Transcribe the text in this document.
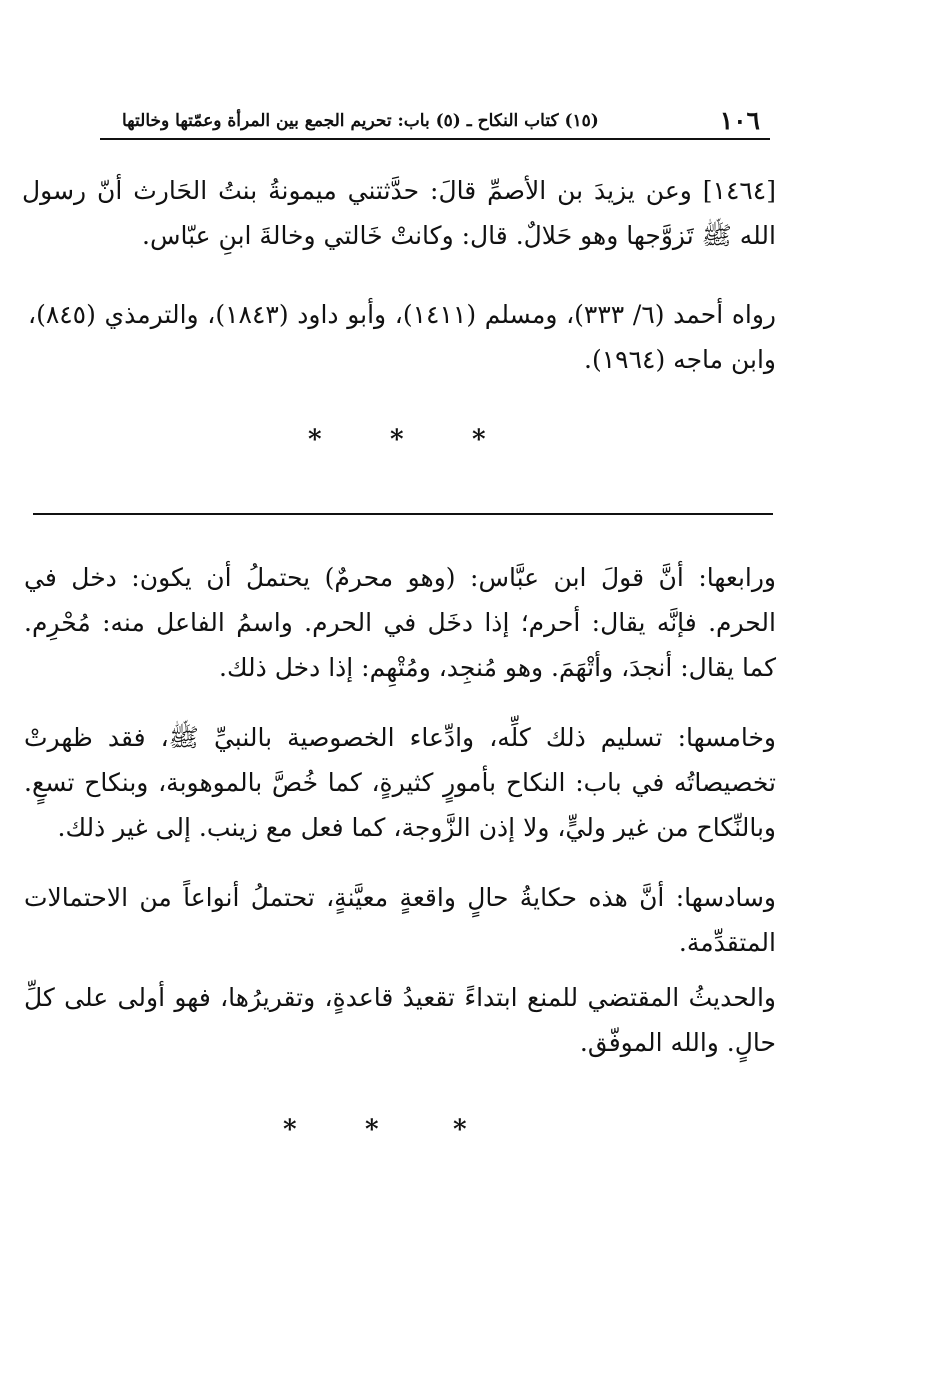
١٠٦
(١٥) كتاب النكاح ـ (٥) باب: تحريم الجمع بين المرأة وعمّتها وخالتها

[١٤٦٤] وعن يزيدَ بن الأصمِّ قالَ: حدَّثتني ميمونةُ بنتُ الحَارث أنّ رسول الله ﷺ تَزوَّجها وهو حَلالٌ. قال: وكانتْ خَالتي وخالةَ ابنِ عبّاس.

رواه أحمد (٦/ ٣٣٣)، ومسلم (١٤١١)، وأبو داود (١٨٤٣)، والترمذي (٨٤٥)، وابن ماجه (١٩٦٤).

*	*	*

ورابعها: أنَّ قولَ ابن عبَّاس: (وهو محرمٌ) يحتملُ أن يكون: دخل في الحرم. فإنَّه يقال: أحرم؛ إذا دخَل في الحرم. واسمُ الفاعل منه: مُحْرِم. كما يقال: أنجدَ، وأتْهَمَ. وهو مُنجِد، ومُتْهِم: إذا دخل ذلك.

وخامسها: تسليم ذلك كلِّه، وادِّعاء الخصوصية بالنبيِّ ﷺ، فقد ظهرتْ تخصيصاتُه في باب: النكاح بأمورٍ كثيرةٍ، كما خُصَّ بالموهوبة، وبنكاح تسعٍ. وبالنِّكاح من غير وليٍّ، ولا إذن الزَّوجة، كما فعل مع زينب. إلى غير ذلك.

وسادسها: أنَّ هذه حكايةُ حالٍ واقعةٍ معيَّنةٍ، تحتملُ أنواعاً من الاحتمالات المتقدِّمة.

والحديثُ المقتضي للمنع ابتداءً تقعيدُ قاعدةٍ، وتقريرُها، فهو أولى على كلِّ حالٍ. والله الموفّق.

*	*	*
